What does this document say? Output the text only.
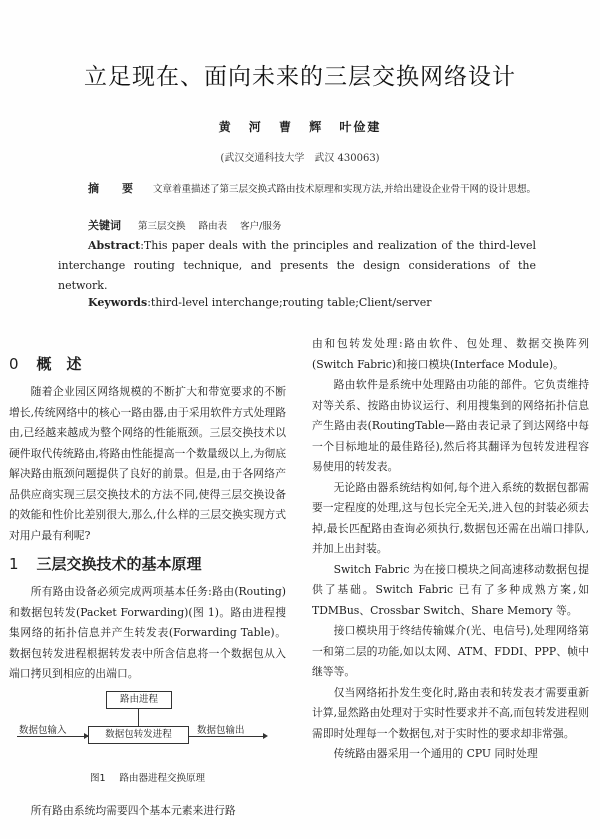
立足现在、面向未来的三层交换网络设计
黄 河 曹 辉 叶俭建
(武汉交通科技大学　武汉 430063)
摘　要 文章着重描述了第三层交换式路由技术原理和实现方法,并给出建设企业骨干网的设计思想。
关键词 第三层交换 路由表 客户/服务
Abstract:This paper deals with the principles and realization of the third-level interchange routing technique, and presents the design considerations of the network.
Keywords:third-level interchange;routing table;Client/server
0 概　述

随着企业园区网络规模的不断扩大和带宽要求的不断增长,传统网络中的核心一路由器,由于采用软件方式处理路由,已经越来越成为整个网络的性能瓶颈。三层交换技术以硬件取代传统路由,将路由性能提高一个数量级以上,为彻底解决路由瓶颈问题提供了良好的前景。但是,由于各网络产品供应商实现三层交换技术的方法不同,使得三层交换设备的效能和性价比差别很大,那么,什么样的三层交换实现方式对用户最有利呢?

1 三层交换技术的基本原理

所有路由设备必须完成两项基本任务:路由(Routing)和数据包转发(Packet Forwarding)(图 1)。路由进程搜集网络的拓扑信息并产生转发表(Forwarding Table)。数据包转发进程根据转发表中所含信息将一个数据包从入端口拷贝到相应的出端口。

路由进程
数据包输入	数据包转发进程	数据包输出
图1 路由器进程交换原理

所有路由系统均需要四个基本元素来进行路

由和包转发处理:路由软件、包处理、数据交换阵列(Switch Fabric)和接口模块(Interface Module)。

路由软件是系统中处理路由功能的部件。它负责维持对等关系、按路由协议运行、利用搜集到的网络拓扑信息产生路由表(RoutingTable—路由表记录了到达网络中每一个目标地址的最佳路径),然后将其翻译为包转发进程容易使用的转发表。

无论路由器系统结构如何,每个进入系统的数据包都需要一定程度的处理,这与包长完全无关,进入包的封装必须去掉,最长匹配路由查询必须执行,数据包还需在出端口排队,并加上出封装。

Switch Fabric 为在接口模块之间高速移动数据包提供了基础。Switch Fabric 已有了多种成熟方案,如 TDMBus、Crossbar Switch、Share Memory 等。

接口模块用于终结传输媒介(光、电信号),处理网络第一和第二层的功能,如以太网、ATM、FDDI、PPP、帧中继等等。

仅当网络拓扑发生变化时,路由表和转发表才需要重新计算,显然路由处理对于实时性要求并不高,而包转发进程则需即时处理每一个数据包,对于实时性的要求却非常强。

传统路由器采用一个通用的 CPU 同时处理
